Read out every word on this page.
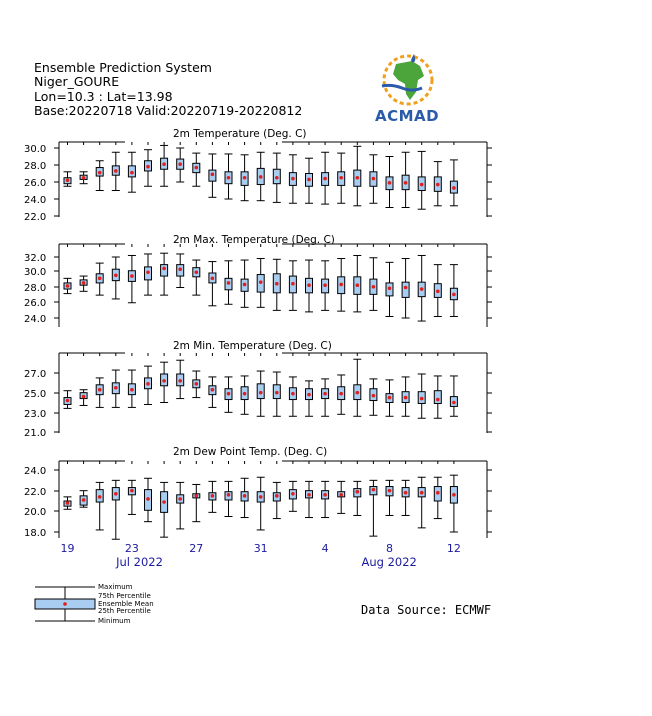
Ensemble Prediction System
Niger_GOURE
Lon=10.3 : Lat=13.98
Base:20220718 Valid:20220719-20220812	ACMAD
2m Temperature (Deg. C)
30.0
28.0
26.0
24.0
22.0
2m Max. Temperature (Deg. C)
32.0
30.0
28.0
26.0
24.0
2m Min. Temperature (Deg. C)
27.0
25.0
23.0
21.0
2m Dew Point Temp. (Deg. C)
24.0
22.0
20.0
18.0
19	23	27	31	4	8	12
Jul 2022	Aug 2022
Maximum
75th Percentile
Ensemble Mean
25th Percentile
Minimum
Data Source: ECMWF
